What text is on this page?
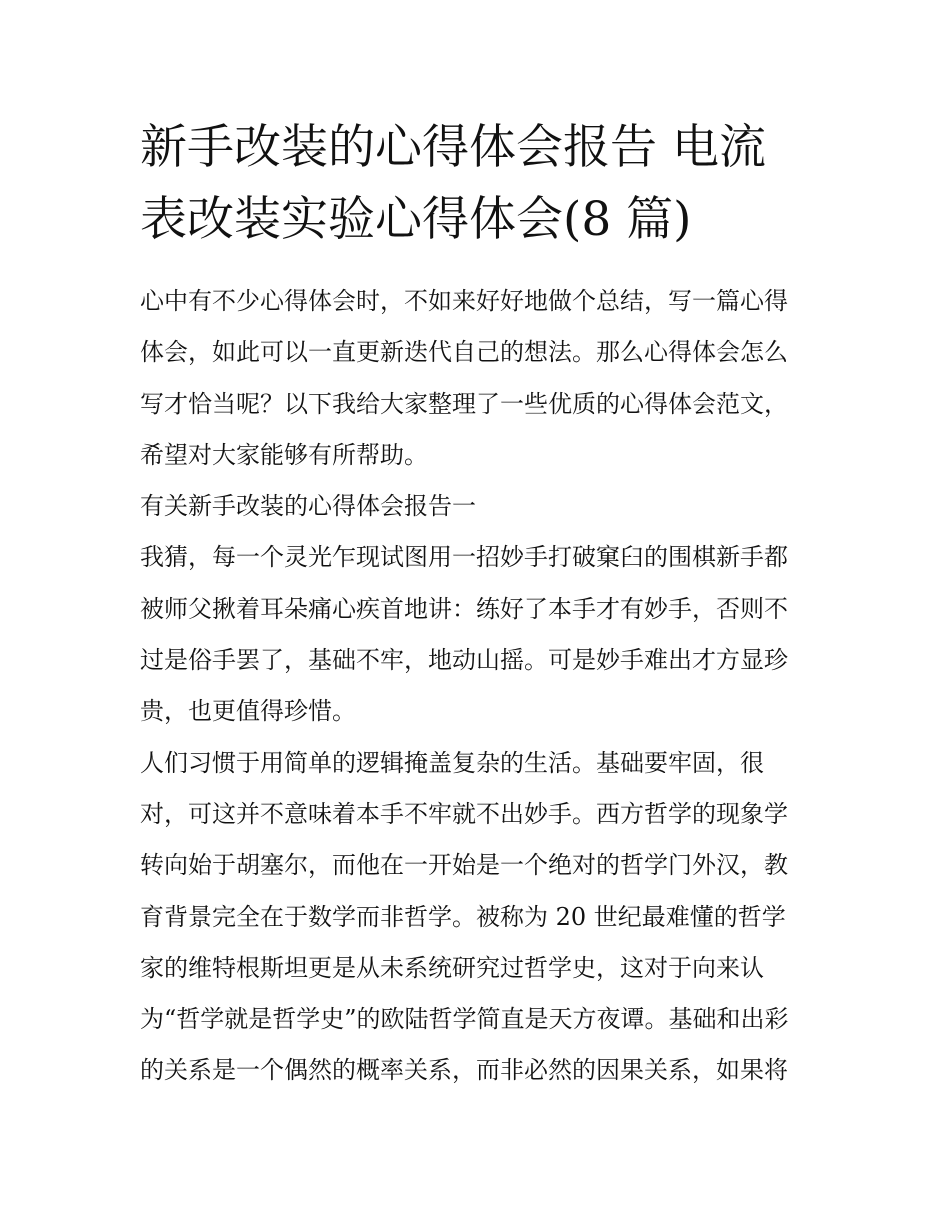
新手改装的心得体会报告 电流
表改装实验心得体会(8 篇)
心中有不少心得体会时，不如来好好地做个总结，写一篇心得
体会，如此可以一直更新迭代自己的想法。那么心得体会怎么
写才恰当呢？以下我给大家整理了一些优质的心得体会范文，
希望对大家能够有所帮助。
有关新手改装的心得体会报告一
我猜，每一个灵光乍现试图用一招妙手打破窠臼的围棋新手都
被师父揪着耳朵痛心疾首地讲：练好了本手才有妙手，否则不
过是俗手罢了，基础不牢，地动山摇。可是妙手难出才方显珍
贵，也更值得珍惜。
人们习惯于用简单的逻辑掩盖复杂的生活。基础要牢固，很
对，可这并不意味着本手不牢就不出妙手。西方哲学的现象学
转向始于胡塞尔，而他在一开始是一个绝对的哲学门外汉，教
育背景完全在于数学而非哲学。被称为 20 世纪最难懂的哲学
家的维特根斯坦更是从未系统研究过哲学史，这对于向来认
为“哲学就是哲学史”的欧陆哲学简直是天方夜谭。基础和出彩
的关系是一个偶然的概率关系，而非必然的因果关系，如果将
